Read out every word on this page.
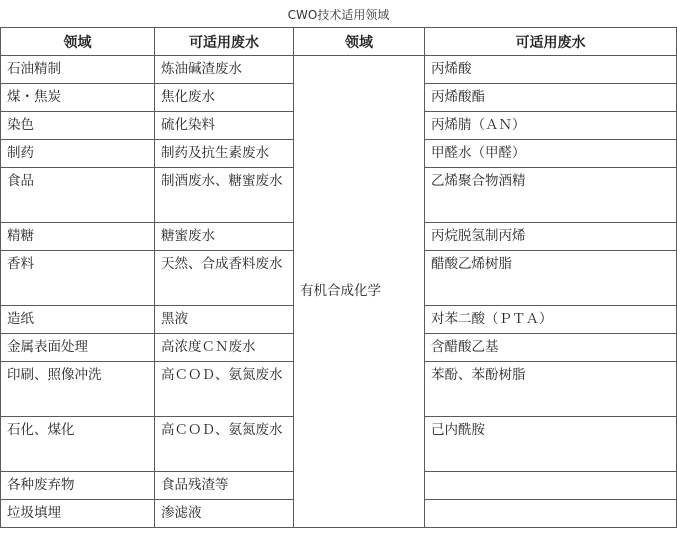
CWO技术适用领域
领域	可适用废水	领域	可适用废水
石油精制	炼油碱渣废水	有机合成化学	丙烯酸
煤・焦炭	焦化废水		丙烯酸酯
染色	硫化染料		丙烯腈（ＡＮ）
制药	制药及抗生素废水		甲醛水（甲醛）
食品	制酒废水、糖蜜废水		乙烯聚合物酒精
精糖	糖蜜废水		丙烷脱氢制丙烯
香料	天然、合成香料废水		醋酸乙烯树脂
造纸	黑液		对苯二酸（ＰＴＡ）
金属表面处理	高浓度ＣＮ废水		含醋酸乙基
印刷、照像冲洗	高ＣＯＤ、氨氮废水		苯酚、苯酚树脂
石化、煤化	高ＣＯＤ、氨氮废水		己内酰胺
各种废弃物	食品残渣等		
垃圾填埋	渗滤液		
